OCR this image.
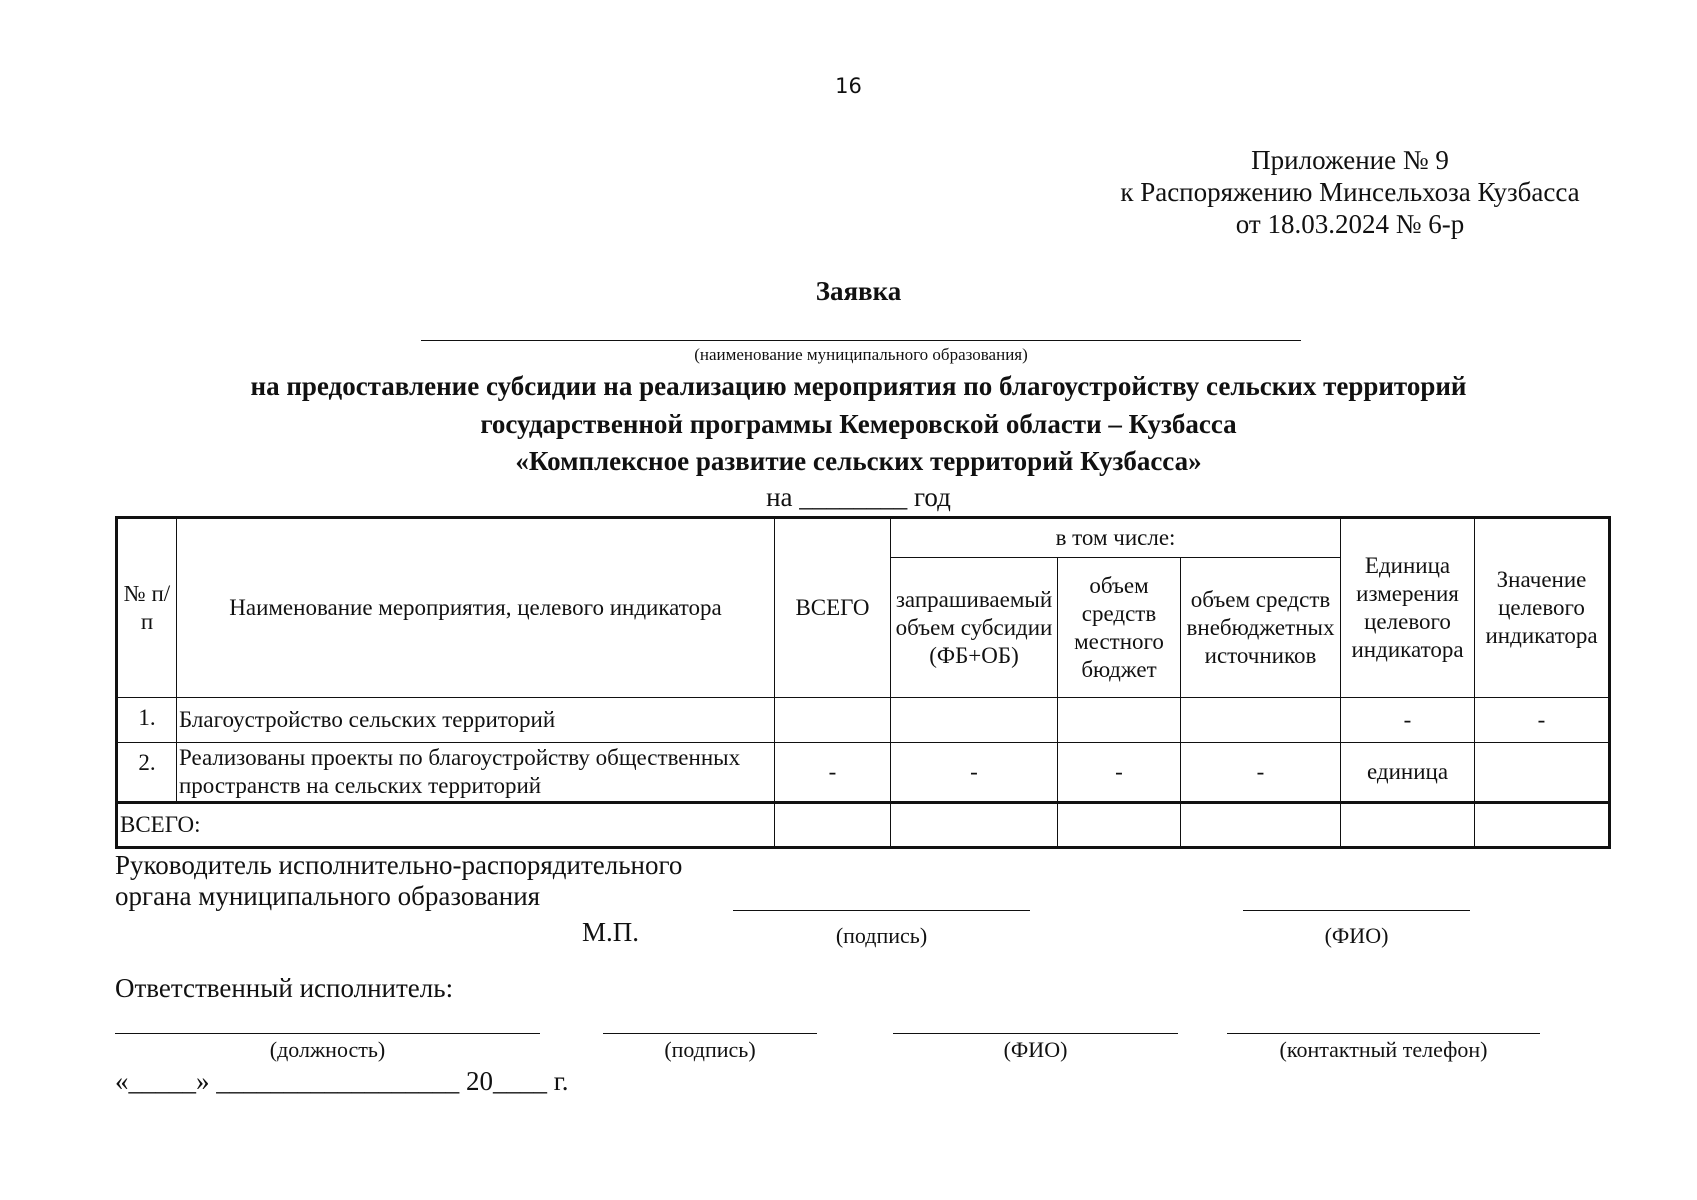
16
Приложение № 9
к Распоряжению Минсельхоза Кузбасса
от 18.03.2024 № 6-р
Заявка
(наименование муниципального образования)
на предоставление субсидии на реализацию мероприятия по благоустройству сельских территорий
государственной программы Кемеровской области – Кузбасса
«Комплексное развитие сельских территорий Кузбасса»
на ________ год
№ п/п	Наименование мероприятия, целевого индикатора	ВСЕГО	в том числе:			Единица измерения целевого индикатора	Значение целевого индикатора
			запрашиваемый объем субсидии (ФБ+ОБ)	объем средств местного бюджет	объем средств внебюджетных источников		
1.	Благоустройство сельских территорий					-	-
2.	Реализованы проекты по благоустройству общественных пространств на сельских территорий	-	-	-	-	единица	
ВСЕГО:							
Руководитель исполнительно-распорядительного
органа муниципального образования
М.П.	(подпись)	(ФИО)
Ответственный исполнитель:
(должность)	(подпись)	(ФИО)	(контактный телефон)
«_____» __________________ 20____ г.
